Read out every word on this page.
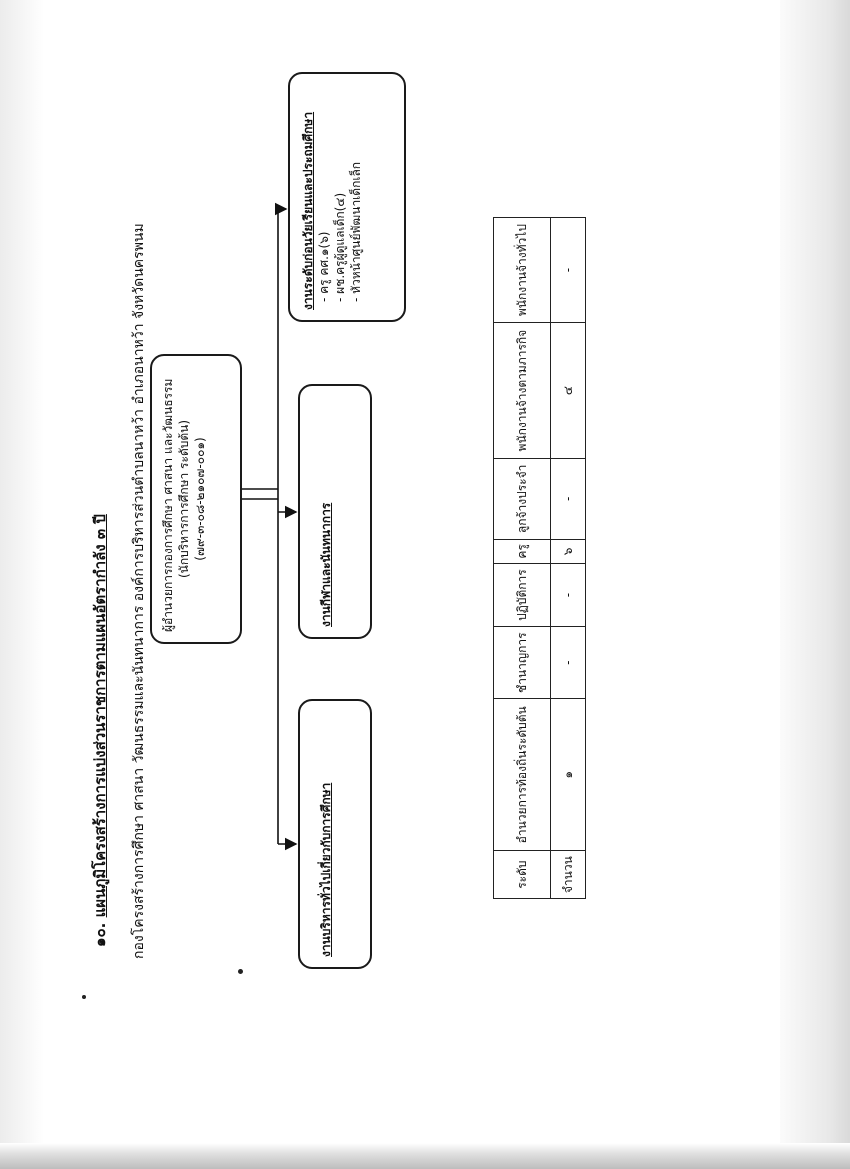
๑๐. แผนภูมิโครงสร้างการแบ่งส่วนราชการตามแผนอัตรากำลัง ๓ ปี กองโครงสร้างการศึกษา ศาสนา วัฒนธรรมและนันทนาการ องค์การบริหารส่วนตำบลนาหว้า อำเภอนาหว้า จังหวัดนครพนม ผู้อำนวยการกองการศึกษา ศาสนา และวัฒนธรรม (นักบริหารการศึกษา ระดับต้น) (๗๙-๓-๐๘-๒๑๐๗-๐๐๑)
งานบริหารทั่วไปเกี่ยวกับการศึกษา
งานกีฬาและนันทนาการ
งานระดับก่อนวัยเรียนและประถมศึกษา - ครู คศ.๑(๖) - ผช.ครูผู้ดูแลเด็ก(๔) - หัวหน้าศูนย์พัฒนาเด็กเล็ก
ระดับ	อำนวยการท้องถิ่นระดับต้น	ชำนาญการ	ปฏิบัติการ	ครู	ลูกจ้างประจำ	พนักงานจ้างตามภารกิจ	พนักงานจ้างทั่วไป
จำนวน	๑	-	-	๖	-	๔	-
